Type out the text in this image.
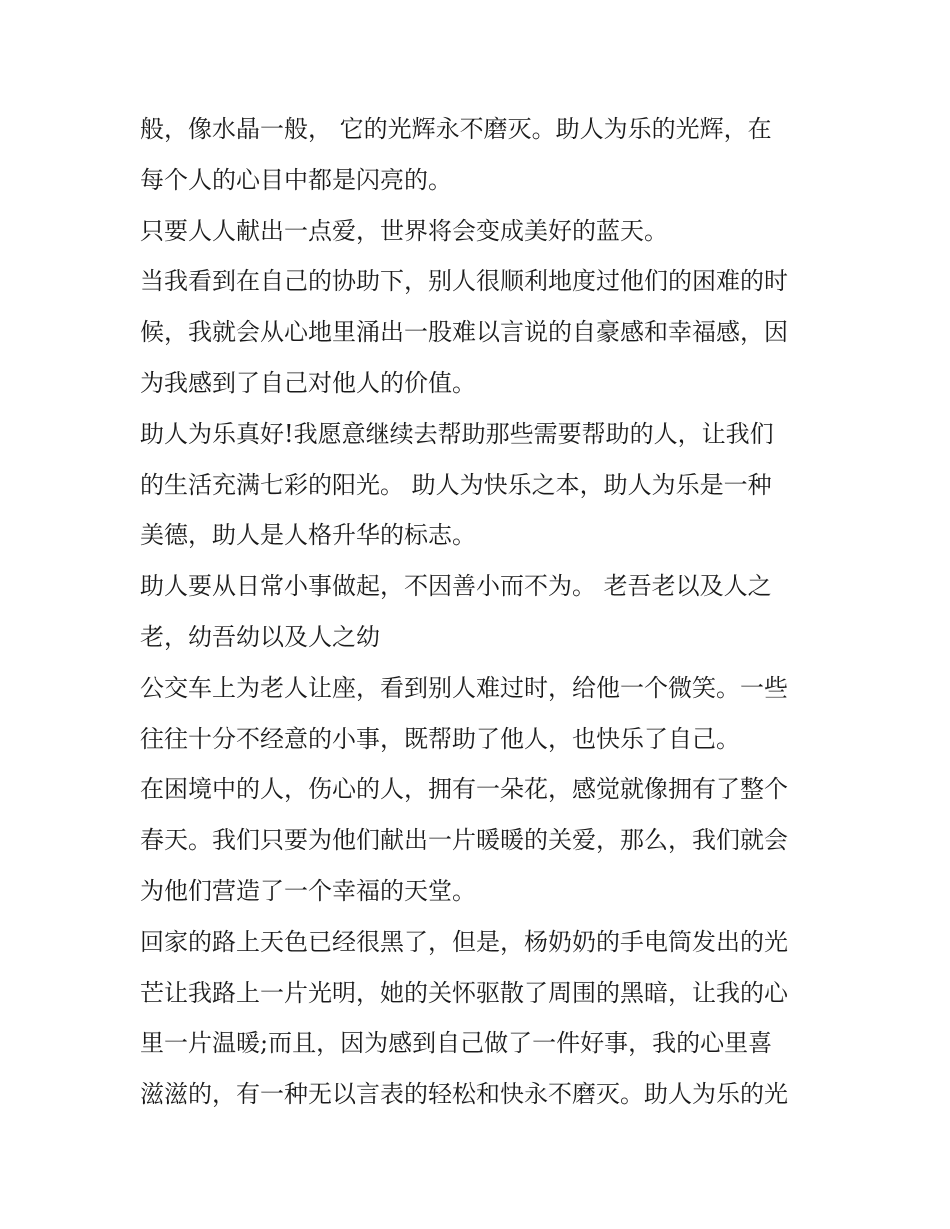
般，像水晶一般， 它的光辉永不磨灭。助人为乐的光辉，在
每个人的心目中都是闪亮的。
只要人人献出一点爱，世界将会变成美好的蓝天。
当我看到在自己的协助下，别人很顺利地度过他们的困难的时
候，我就会从心地里涌出一股难以言说的自豪感和幸福感，因
为我感到了自己对他人的价值。
助人为乐真好!我愿意继续去帮助那些需要帮助的人，让我们
的生活充满七彩的阳光。 助人为快乐之本，助人为乐是一种
美德，助人是人格升华的标志。
助人要从日常小事做起，不因善小而不为。 老吾老以及人之
老，幼吾幼以及人之幼
公交车上为老人让座，看到别人难过时，给他一个微笑。一些
往往十分不经意的小事，既帮助了他人，也快乐了自己。
在困境中的人，伤心的人，拥有一朵花，感觉就像拥有了整个
春天。我们只要为他们献出一片暖暖的关爱，那么，我们就会
为他们营造了一个幸福的天堂。
回家的路上天色已经很黑了，但是，杨奶奶的手电筒发出的光
芒让我路上一片光明，她的关怀驱散了周围的黑暗，让我的心
里一片温暖;而且，因为感到自己做了一件好事，我的心里喜
滋滋的，有一种无以言表的轻松和快永不磨灭。助人为乐的光
